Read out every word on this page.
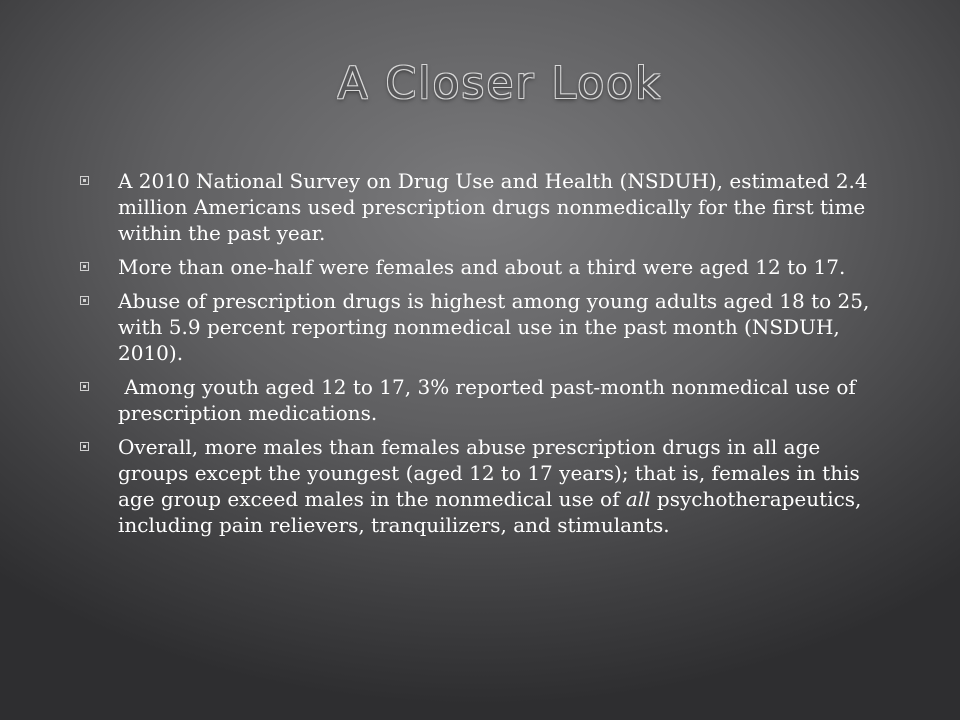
A Closer Look
A 2010 National Survey on Drug Use and Health (NSDUH), estimated 2.4 million Americans used prescription drugs nonmedically for the first time within the past year.
More than one-half were females and about a third were aged 12 to 17.
Abuse of prescription drugs is highest among young adults aged 18 to 25, with 5.9 percent reporting nonmedical use in the past month (NSDUH, 2010).
Among youth aged 12 to 17, 3% reported past-month nonmedical use of prescription medications.
Overall, more males than females abuse prescription drugs in all age groups except the youngest (aged 12 to 17 years); that is, females in this age group exceed males in the nonmedical use of all psychotherapeutics, including pain relievers, tranquilizers, and stimulants.
